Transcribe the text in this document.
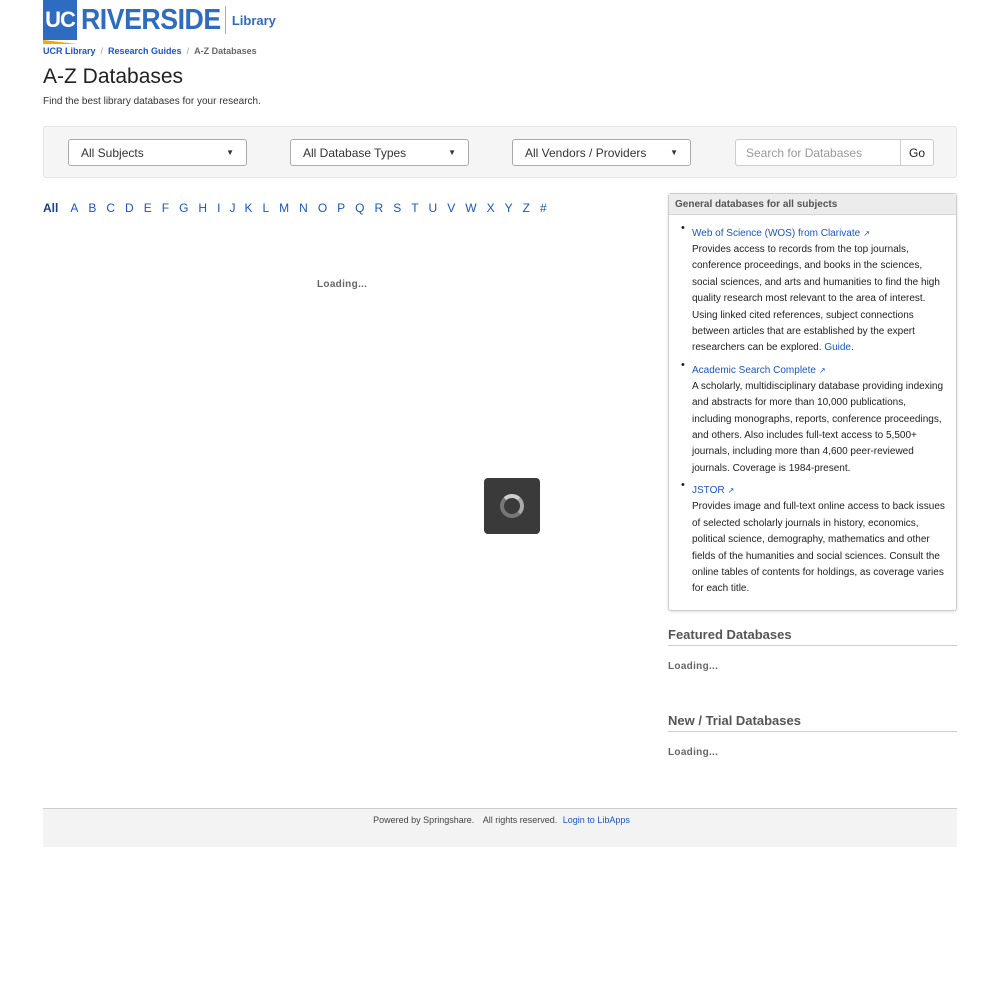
UC RIVERSIDE Library
UCR Library / Research Guides / A-Z Databases
A-Z Databases

Find the best library databases for your research.

All Subjects	▼	All Database Types	▼	All Vendors / Providers	▼	Search for Databases	Go
All A B C D E F G H I J K L M N O P Q R S T U V W X Y Z #
Loading...
General databases for all subjects
• Web of Science (WOS) from Clarivate ↗
Provides access to records from the top journals, conference proceedings, and books in the sciences, social sciences, and arts and humanities to find the high quality research most relevant to the area of interest. Using linked cited references, subject connections between articles that are established by the expert researchers can be explored. Guide.
• Academic Search Complete ↗
A scholarly, multidisciplinary database providing indexing and abstracts for more than 10,000 publications, including monographs, reports, conference proceedings, and others. Also includes full-text access to 5,500+ journals, including more than 4,600 peer-reviewed journals. Coverage is 1984-present.
• JSTOR ↗
Provides image and full-text online access to back issues of selected scholarly journals in history, economics, political science, demography, mathematics and other fields of the humanities and social sciences. Consult the online tables of contents for holdings, as coverage varies for each title.
Featured Databases
Loading...
New / Trial Databases
Loading...
Powered by Springshare. All rights reserved. Login to LibApps
